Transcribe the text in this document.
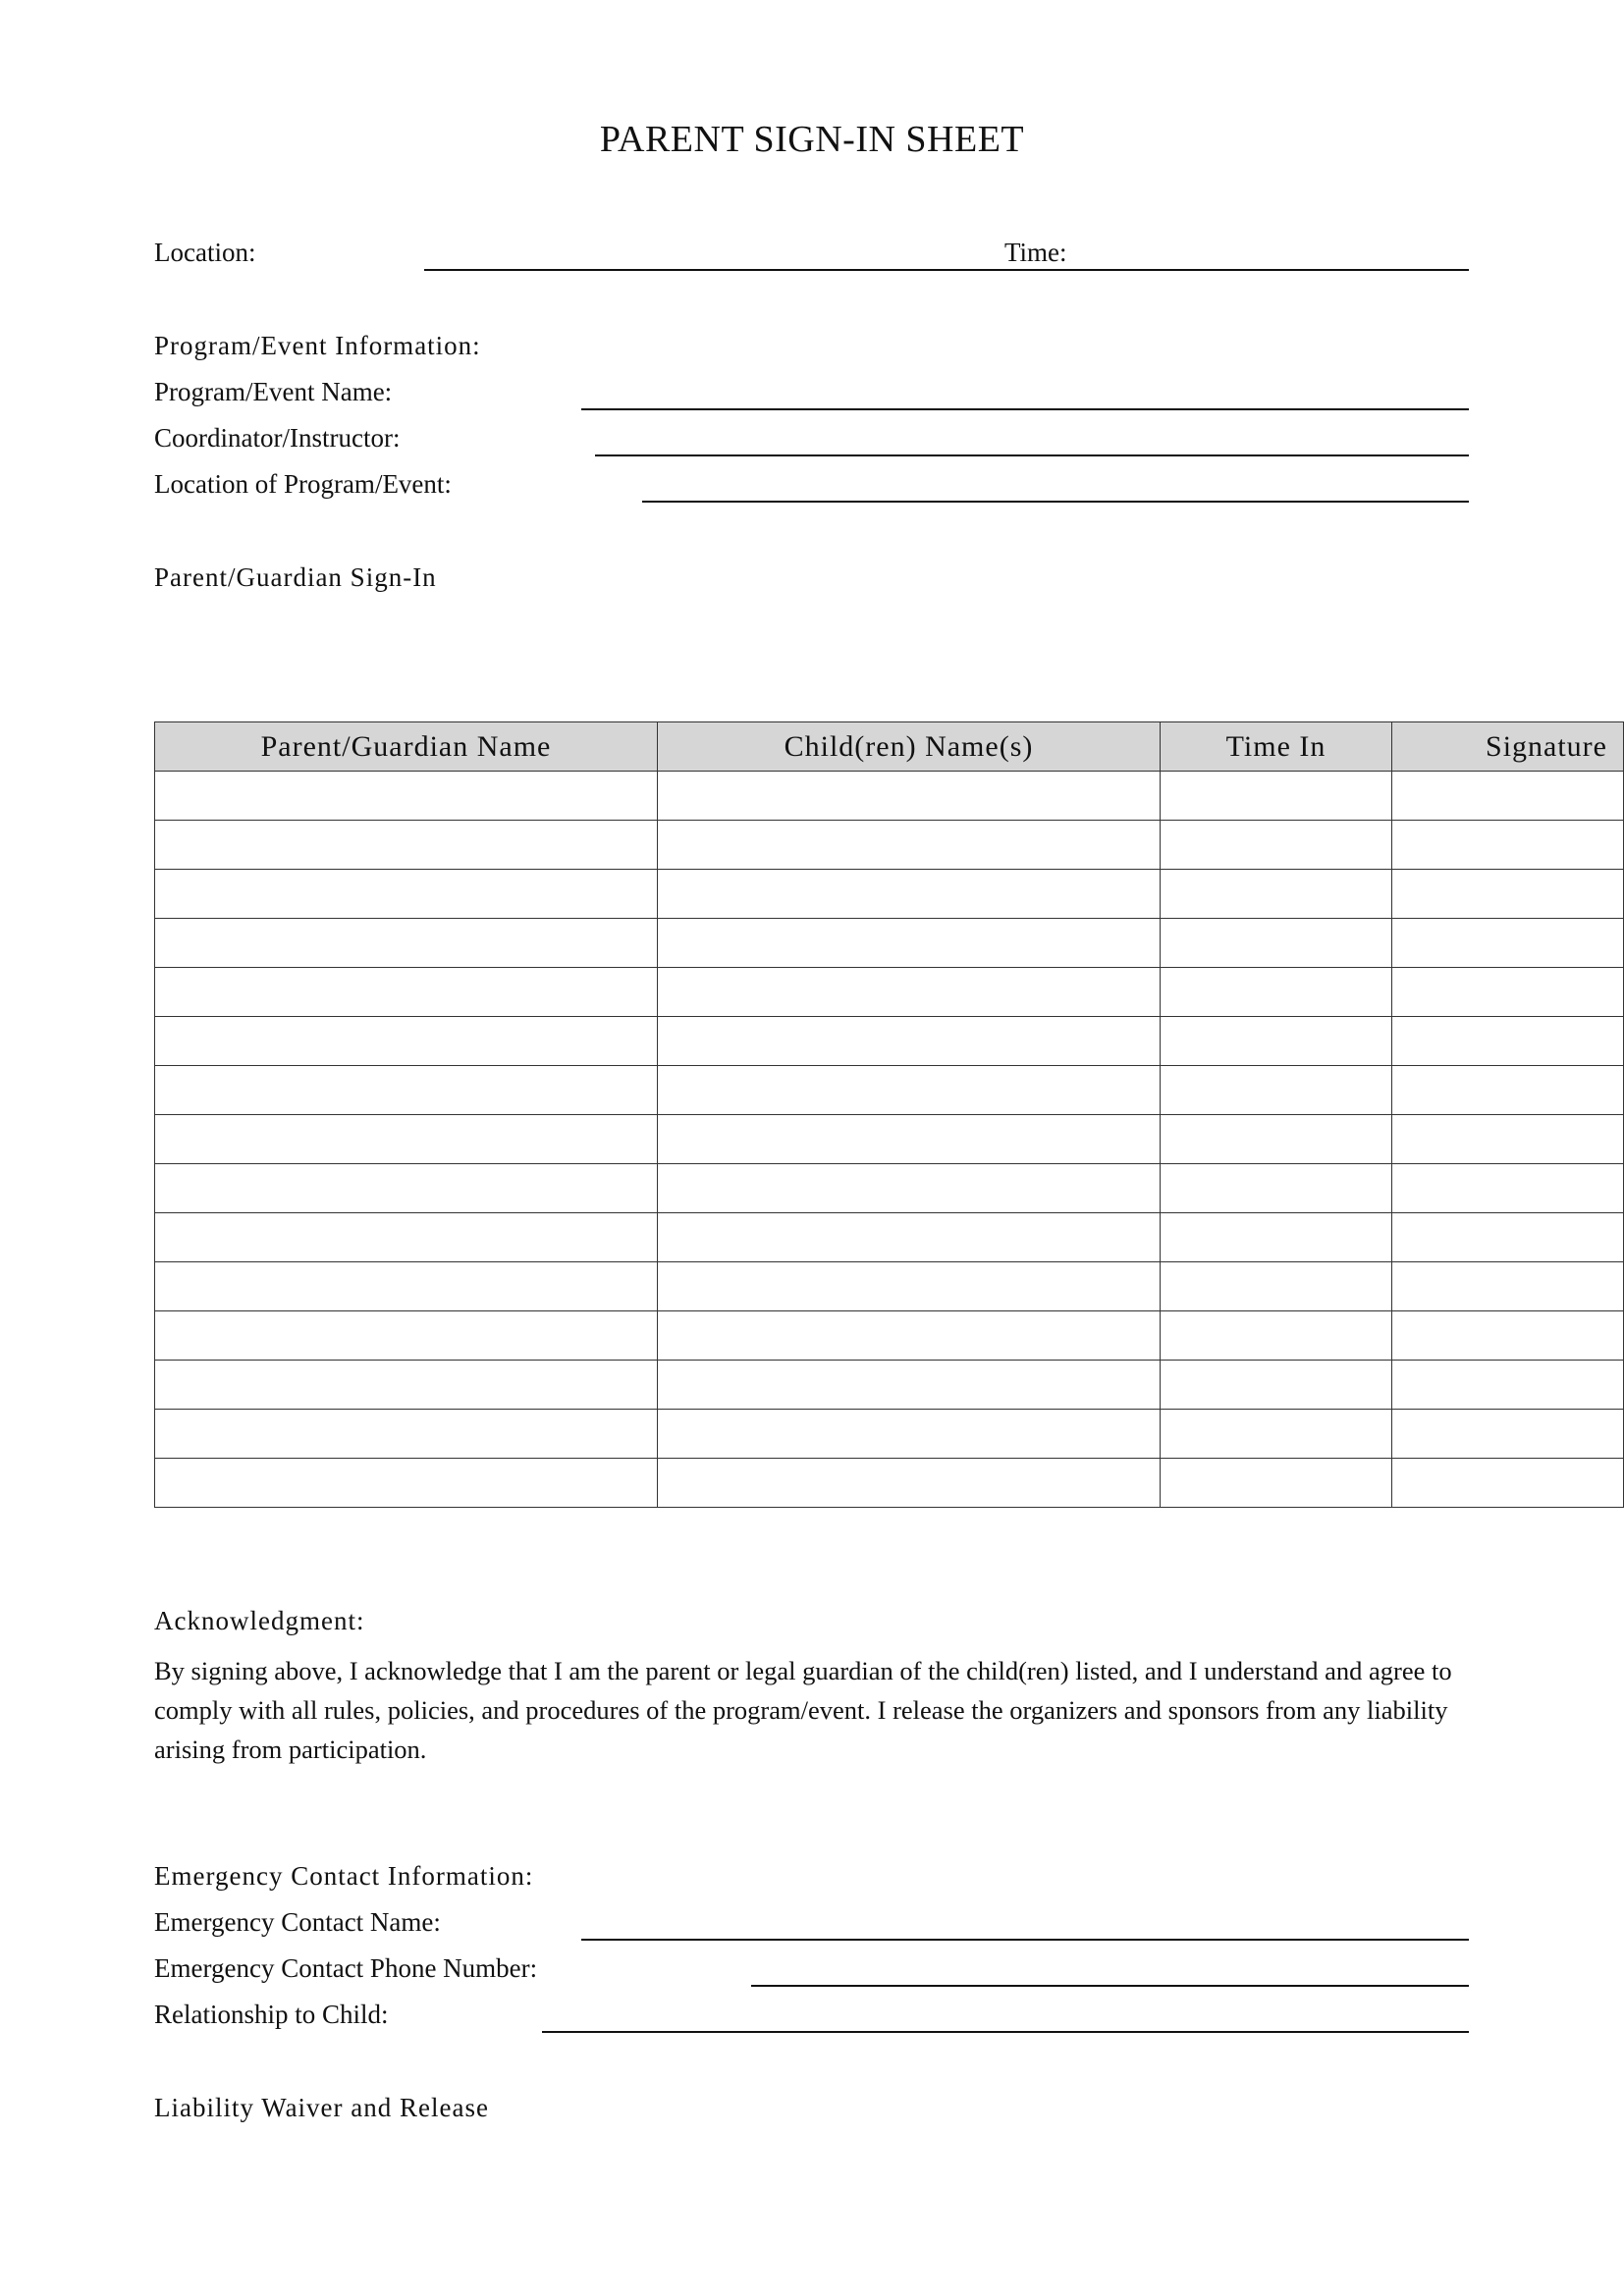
PARENT SIGN-IN SHEET
Location:	Time:
Program/Event Information:
Program/Event Name:
Coordinator/Instructor:
Location of Program/Event:
Parent/Guardian Sign-In
Parent/Guardian Name	Child(ren) Name(s)	Time In	Signature

Acknowledgment:
By signing above, I acknowledge that I am the parent or legal guardian of the child(ren) listed, and I understand and agree to comply with all rules, policies, and procedures of the program/event. I release the organizers and sponsors from any liability arising from participation.
Emergency Contact Information:
Emergency Contact Name:
Emergency Contact Phone Number:
Relationship to Child:
Liability Waiver and Release
